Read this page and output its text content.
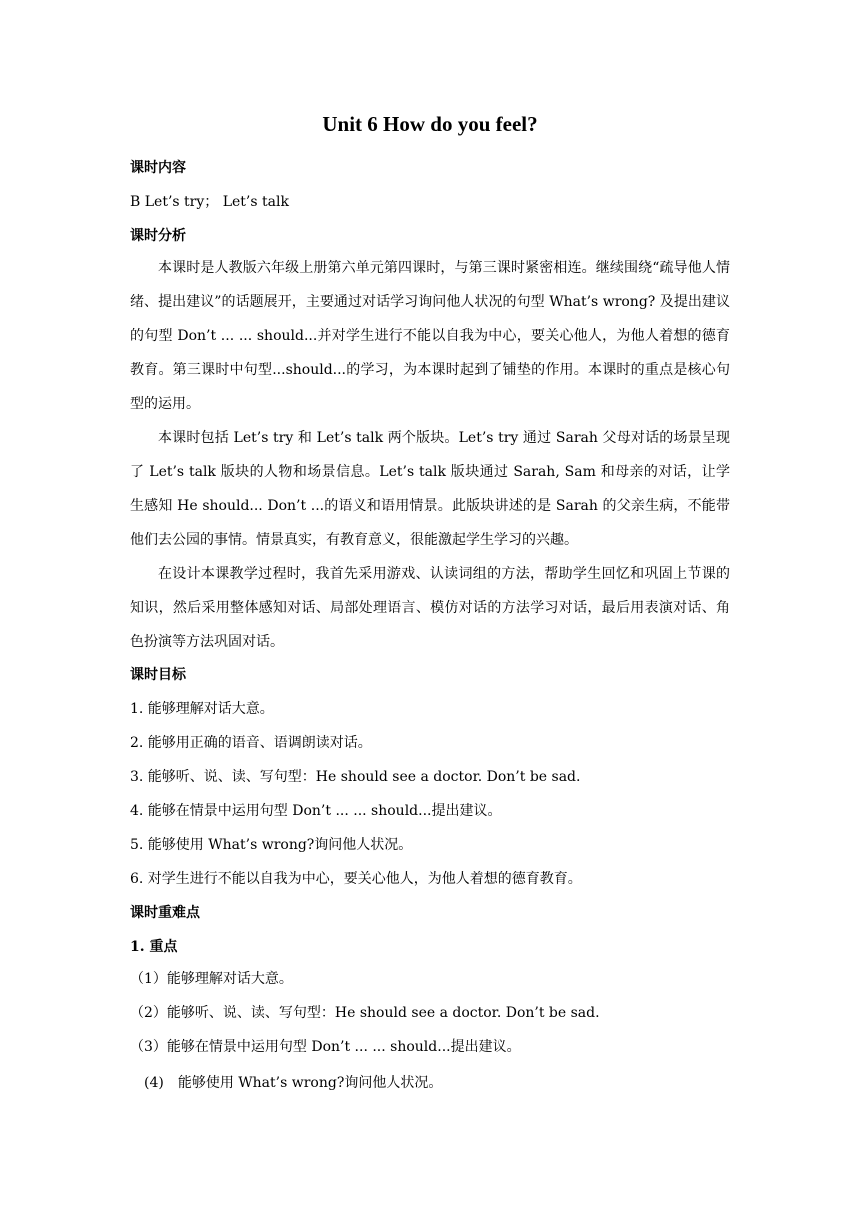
Unit 6 How do you feel?
课时内容
B Let’s try； Let’s talk
课时分析

本课时是人教版六年级上册第六单元第四课时，与第三课时紧密相连。继续围绕“疏导他人情绪、提出建议”的话题展开，主要通过对话学习询问他人状况的句型 What’s wrong? 及提出建议的句型 Don’t ... ... should...并对学生进行不能以自我为中心，要关心他人，为他人着想的德育教育。第三课时中句型...should...的学习，为本课时起到了铺垫的作用。本课时的重点是核心句型的运用。

本课时包括 Let’s try 和 Let’s talk 两个版块。Let’s try 通过 Sarah 父母对话的场景呈现了 Let’s talk 版块的人物和场景信息。Let’s talk 版块通过 Sarah, Sam 和母亲的对话，让学生感知 He should... Don’t ...的语义和语用情景。此版块讲述的是 Sarah 的父亲生病，不能带他们去公园的事情。情景真实，有教育意义，很能激起学生学习的兴趣。

在设计本课教学过程时，我首先采用游戏、认读词组的方法，帮助学生回忆和巩固上节课的知识，然后采用整体感知对话、局部处理语言、模仿对话的方法学习对话，最后用表演对话、角色扮演等方法巩固对话。

课时目标
1. 能够理解对话大意。
2. 能够用正确的语音、语调朗读对话。
3. 能够听、说、读、写句型：He should see a doctor. Don’t be sad.
4. 能够在情景中运用句型 Don’t ... ... should...提出建议。
5. 能够使用 What’s wrong?询问他人状况。
6. 对学生进行不能以自我为中心，要关心他人，为他人着想的德育教育。
课时重难点
1. 重点
（1）能够理解对话大意。
（2）能够听、说、读、写句型：He should see a doctor. Don’t be sad.
（3）能够在情景中运用句型 Don’t ... ... should...提出建议。
(4)　能够使用 What’s wrong?询问他人状况。
